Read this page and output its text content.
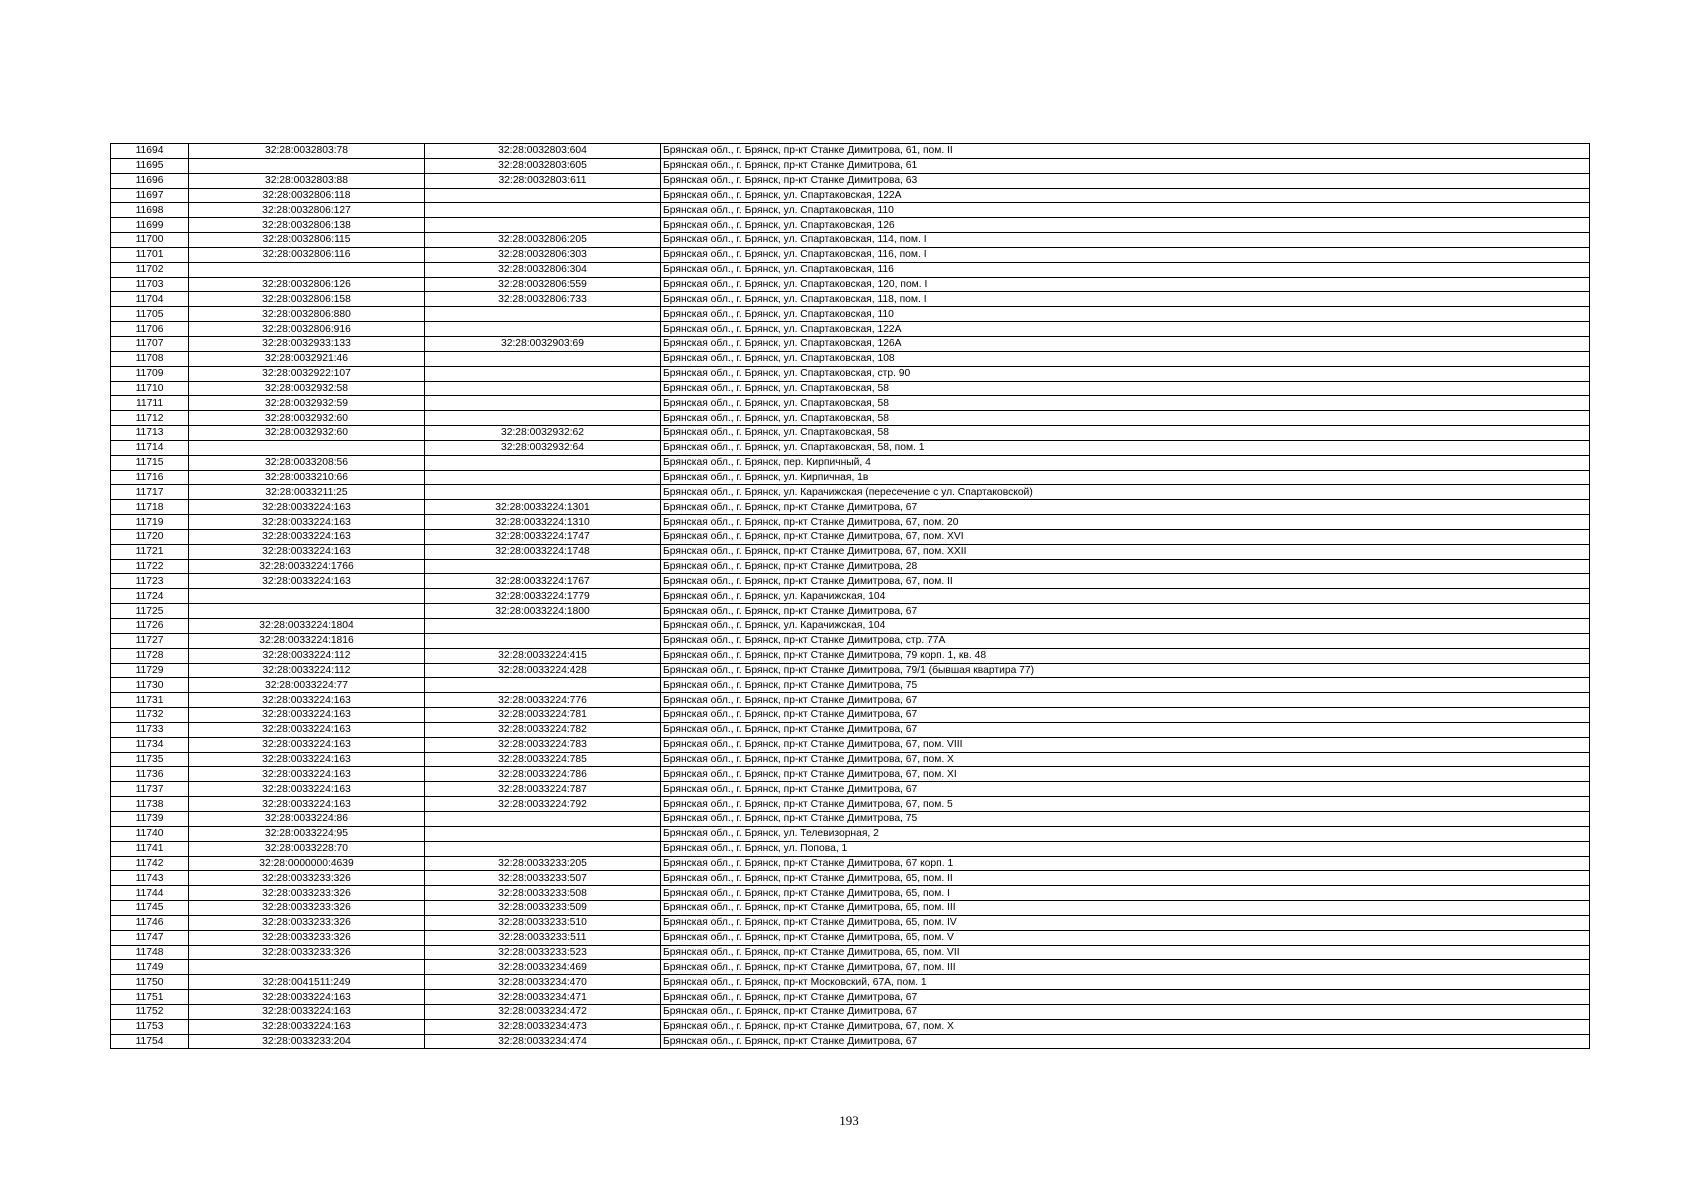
11694	32:28:0032803:78	32:28:0032803:604	Брянская обл., г. Брянск, пр-кт Станке Димитрова, 61, пом. II
11695		32:28:0032803:605	Брянская обл., г. Брянск, пр-кт Станке Димитрова, 61
11696	32:28:0032803:88	32:28:0032803:611	Брянская обл., г. Брянск, пр-кт Станке Димитрова, 63
11697	32:28:0032806:118		Брянская обл., г. Брянск, ул. Спартаковская, 122А
11698	32:28:0032806:127		Брянская обл., г. Брянск, ул. Спартаковская, 110
11699	32:28:0032806:138		Брянская обл., г. Брянск, ул. Спартаковская, 126
11700	32:28:0032806:115	32:28:0032806:205	Брянская обл., г. Брянск, ул. Спартаковская, 114, пом. I
11701	32:28:0032806:116	32:28:0032806:303	Брянская обл., г. Брянск, ул. Спартаковская, 116, пом. I
11702		32:28:0032806:304	Брянская обл., г. Брянск, ул. Спартаковская, 116
11703	32:28:0032806:126	32:28:0032806:559	Брянская обл., г. Брянск, ул. Спартаковская, 120, пом. I
11704	32:28:0032806:158	32:28:0032806:733	Брянская обл., г. Брянск, ул. Спартаковская, 118, пом. I
11705	32:28:0032806:880		Брянская обл., г. Брянск, ул. Спартаковская, 110
11706	32:28:0032806:916		Брянская обл., г. Брянск, ул. Спартаковская, 122А
11707	32:28:0032933:133	32:28:0032903:69	Брянская обл., г. Брянск, ул. Спартаковская, 126А
11708	32:28:0032921:46		Брянская обл., г. Брянск, ул. Спартаковская, 108
11709	32:28:0032922:107		Брянская обл., г. Брянск, ул. Спартаковская, стр. 90
11710	32:28:0032932:58		Брянская обл., г. Брянск, ул. Спартаковская, 58
11711	32:28:0032932:59		Брянская обл., г. Брянск, ул. Спартаковская, 58
11712	32:28:0032932:60		Брянская обл., г. Брянск, ул. Спартаковская, 58
11713	32:28:0032932:60	32:28:0032932:62	Брянская обл., г. Брянск, ул. Спартаковская, 58
11714		32:28:0032932:64	Брянская обл., г. Брянск, ул. Спартаковская, 58, пом. 1
11715	32:28:0033208:56		Брянская обл., г. Брянск, пер. Кирпичный, 4
11716	32:28:0033210:66		Брянская обл., г. Брянск, ул. Кирпичная, 1в
11717	32:28:0033211:25		Брянская обл., г. Брянск, ул. Карачижская (пересечение с ул. Спартаковской)
11718	32:28:0033224:163	32:28:0033224:1301	Брянская обл., г. Брянск, пр-кт Станке Димитрова, 67
11719	32:28:0033224:163	32:28:0033224:1310	Брянская обл., г. Брянск, пр-кт Станке Димитрова, 67, пом. 20
11720	32:28:0033224:163	32:28:0033224:1747	Брянская обл., г. Брянск, пр-кт Станке Димитрова, 67, пом. XVI
11721	32:28:0033224:163	32:28:0033224:1748	Брянская обл., г. Брянск, пр-кт Станке Димитрова, 67, пом. XXII
11722	32:28:0033224:1766		Брянская обл., г. Брянск, пр-кт Станке Димитрова, 28
11723	32:28:0033224:163	32:28:0033224:1767	Брянская обл., г. Брянск, пр-кт Станке Димитрова, 67, пом. II
11724		32:28:0033224:1779	Брянская обл., г. Брянск, ул. Карачижская, 104
11725		32:28:0033224:1800	Брянская обл., г. Брянск, пр-кт Станке Димитрова, 67
11726	32:28:0033224:1804		Брянская обл., г. Брянск, ул. Карачижская, 104
11727	32:28:0033224:1816		Брянская обл., г. Брянск, пр-кт Станке Димитрова, стр. 77А
11728	32:28:0033224:112	32:28:0033224:415	Брянская обл., г. Брянск, пр-кт Станке Димитрова, 79 корп. 1, кв. 48
11729	32:28:0033224:112	32:28:0033224:428	Брянская обл., г. Брянск, пр-кт Станке Димитрова, 79/1 (бывшая квартира 77)
11730	32:28:0033224:77		Брянская обл., г. Брянск, пр-кт Станке Димитрова, 75
11731	32:28:0033224:163	32:28:0033224:776	Брянская обл., г. Брянск, пр-кт Станке Димитрова, 67
11732	32:28:0033224:163	32:28:0033224:781	Брянская обл., г. Брянск, пр-кт Станке Димитрова, 67
11733	32:28:0033224:163	32:28:0033224:782	Брянская обл., г. Брянск, пр-кт Станке Димитрова, 67
11734	32:28:0033224:163	32:28:0033224:783	Брянская обл., г. Брянск, пр-кт Станке Димитрова, 67, пом. VIII
11735	32:28:0033224:163	32:28:0033224:785	Брянская обл., г. Брянск, пр-кт Станке Димитрова, 67, пом. X
11736	32:28:0033224:163	32:28:0033224:786	Брянская обл., г. Брянск, пр-кт Станке Димитрова, 67, пом. XI
11737	32:28:0033224:163	32:28:0033224:787	Брянская обл., г. Брянск, пр-кт Станке Димитрова, 67
11738	32:28:0033224:163	32:28:0033224:792	Брянская обл., г. Брянск, пр-кт Станке Димитрова, 67, пом. 5
11739	32:28:0033224:86		Брянская обл., г. Брянск, пр-кт Станке Димитрова, 75
11740	32:28:0033224:95		Брянская обл., г. Брянск, ул. Телевизорная, 2
11741	32:28:0033228:70		Брянская обл., г. Брянск, ул. Попова, 1
11742	32:28:0000000:4639	32:28:0033233:205	Брянская обл., г. Брянск, пр-кт Станке Димитрова, 67 корп. 1
11743	32:28:0033233:326	32:28:0033233:507	Брянская обл., г. Брянск, пр-кт Станке Димитрова, 65, пом. II
11744	32:28:0033233:326	32:28:0033233:508	Брянская обл., г. Брянск, пр-кт Станке Димитрова, 65, пом. I
11745	32:28:0033233:326	32:28:0033233:509	Брянская обл., г. Брянск, пр-кт Станке Димитрова, 65, пом. III
11746	32:28:0033233:326	32:28:0033233:510	Брянская обл., г. Брянск, пр-кт Станке Димитрова, 65, пом. IV
11747	32:28:0033233:326	32:28:0033233:511	Брянская обл., г. Брянск, пр-кт Станке Димитрова, 65, пом. V
11748	32:28:0033233:326	32:28:0033233:523	Брянская обл., г. Брянск, пр-кт Станке Димитрова, 65, пом. VII
11749		32:28:0033234:469	Брянская обл., г. Брянск, пр-кт Станке Димитрова, 67, пом. III
11750	32:28:0041511:249	32:28:0033234:470	Брянская обл., г. Брянск, пр-кт Московский, 67А, пом. 1
11751	32:28:0033224:163	32:28:0033234:471	Брянская обл., г. Брянск, пр-кт Станке Димитрова, 67
11752	32:28:0033224:163	32:28:0033234:472	Брянская обл., г. Брянск, пр-кт Станке Димитрова, 67
11753	32:28:0033224:163	32:28:0033234:473	Брянская обл., г. Брянск, пр-кт Станке Димитрова, 67, пом. X
11754	32:28:0033233:204	32:28:0033234:474	Брянская обл., г. Брянск, пр-кт Станке Димитрова, 67
193
